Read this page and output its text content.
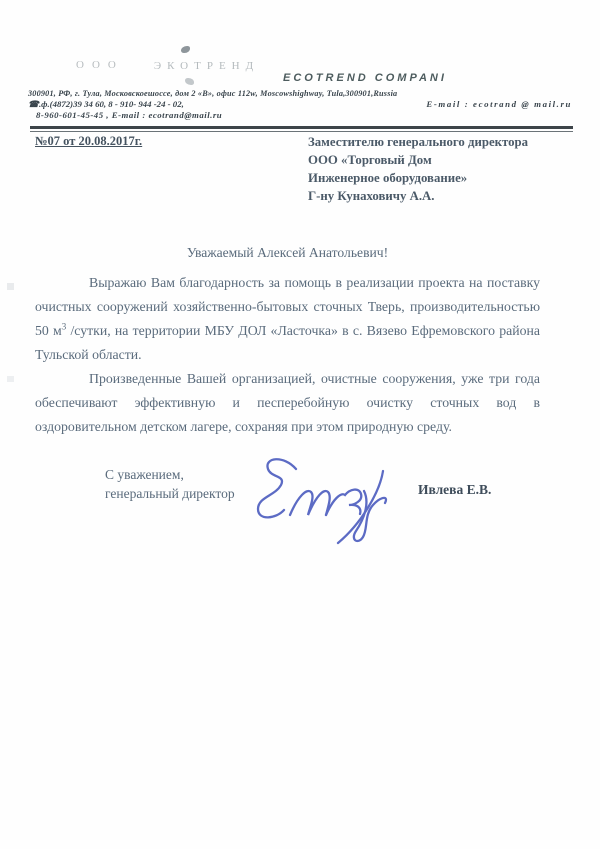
ООО	ЭКОТРЕНД
ECOTREND COMPANI
300901, РФ, г. Тула, Московскоешоссе, дом 2 «В», офис 112w, Moscowshighway, Tula,300901,Russia
☎.ф.(4872)39 34 60, 8 - 910- 944 -24 - 02,	E-mail : ecotrand @ mail.ru
8-960-601-45-45 , E-mail : ecotrand@mail.ru
№07 от 20.08.2017г.	Заместителю генерального директора
ООО «Торговый Дом
Инженерное оборудование»
Г-ну Кунаховичу А.А.
Уважаемый Алексей Анатольевич!

Выражаю Вам благодарность за помощь в реализации проекта на поставку очистных сооружений хозяйственно-бытовых сточных Тверь, производительностью 50 $м^3$ /сутки, на территории МБУ ДОЛ «Ласточка» в с. Вязево Ефремовского района Тульской области.

Произведенные Вашей организацией, очистные сооружения, уже три года обеспечивают эффективную и песперебойную очистку сточных вод в оздоровительном детском лагере, сохраняя при этом природную среду.

С уважением,
генеральный директор	Ивлева Е.В.
